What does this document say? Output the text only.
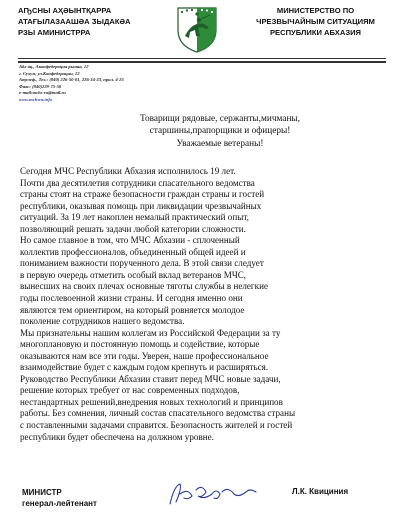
АҦСНЫ АҲӘЫНТҚАРРА
АТАҒЫЛАЗААШӘА ӠЫДАКӘА
РЗЫ АМИНИСТРРА
МИНИСТЕРСТВО ПО
ЧРЕЗВЫЧАЙНЫМ СИТУАЦИЯМ
РЕСПУБЛИКИ АБХАЗИЯ
Аҟә ақ., Аконфедерациа рымҩа, 12
г. Сухум, ул.Конфедерации, 12
Аҭелеф., Тел.: (840) 226-50-01, 226-34-33, прил. 4-25
Факс: (840)229-75-50
e-mail:mchs-ra@mail.ru
www.mchsra.info
Товарищи рядовые, сержанты,мичманы,
старшины,прапорщики и офицеры!
Уважаемые ветераны!
Сегодня МЧС Республики Абхазия исполнилось 19 лет.
Почти два десятилетия сотрудники спасательного ведомства
страны стоят на страже безопасности граждан страны и гостей
республики, оказывая помощь при ликвидации чрезвычайных
ситуаций. За 19 лет накоплен немалый практический опыт,
позволяющий решать задачи любой категории сложности.
Но самое главное в том, что МЧС Абхазии - сплоченный
коллектив профессионалов, объединенный общей идеей и
пониманием важности порученного дела. В этой связи следует
в первую очередь отметить особый вклад ветеранов МЧС,
вынесших на своих плечах основные тяготы службы в нелегкие
годы послевоенной жизни страны. И сегодня именно они
являются тем ориентиром, на который ровняется молодое
поколение сотрудников нашего ведомства.
Мы признательны нашим коллегам из Российской Федерации за ту
многоплановую и постоянную помощь и содействие, которые
оказываются нам все эти годы. Уверен, наше профессиональное
взаимодействие будет с каждым годом крепнуть и расширяться.
Руководство Республики Абхазии ставит перед МЧС новые задачи,
решение которых требует от нас современных подходов,
нестандартных решений,внедрения новых технологий и принципов
работы. Без сомнения, личный состав спасательного ведомства страны
с поставленными задачами справится. Безопасность жителей и гостей
республики будет обеспечена на должном уровне.
МИНИСТР
генерал-лейтенант
Л.К. Квициния
